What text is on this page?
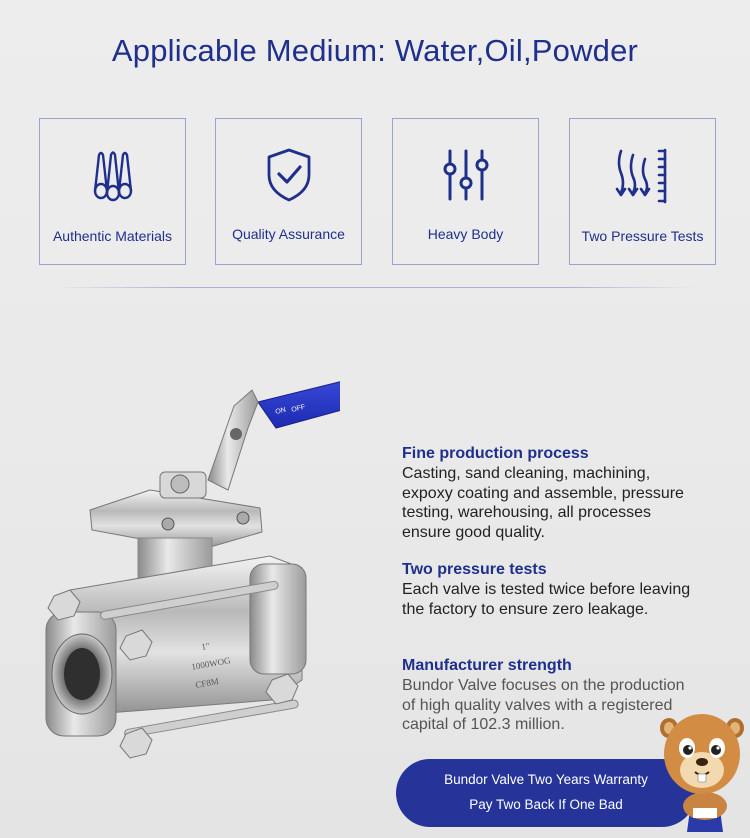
Applicable Medium: Water,Oil,Powder
Authentic Materials	Quality Assurance	Heavy Body	Two Pressure Tests
ON OFF
1"
1000WOG
CF8M
Fine production process
Casting, sand cleaning, machining, expoxy coating and assemble, pressure testing, warehousing, all processes ensure good quality.
Two pressure tests
Each valve is tested twice before leaving the factory to ensure zero leakage.
Manufacturer strength
Bundor Valve focuses on the production of high quality valves with a registered capital of 102.3 million.
Bundor Valve Two Years Warranty
Pay Two Back If One Bad
